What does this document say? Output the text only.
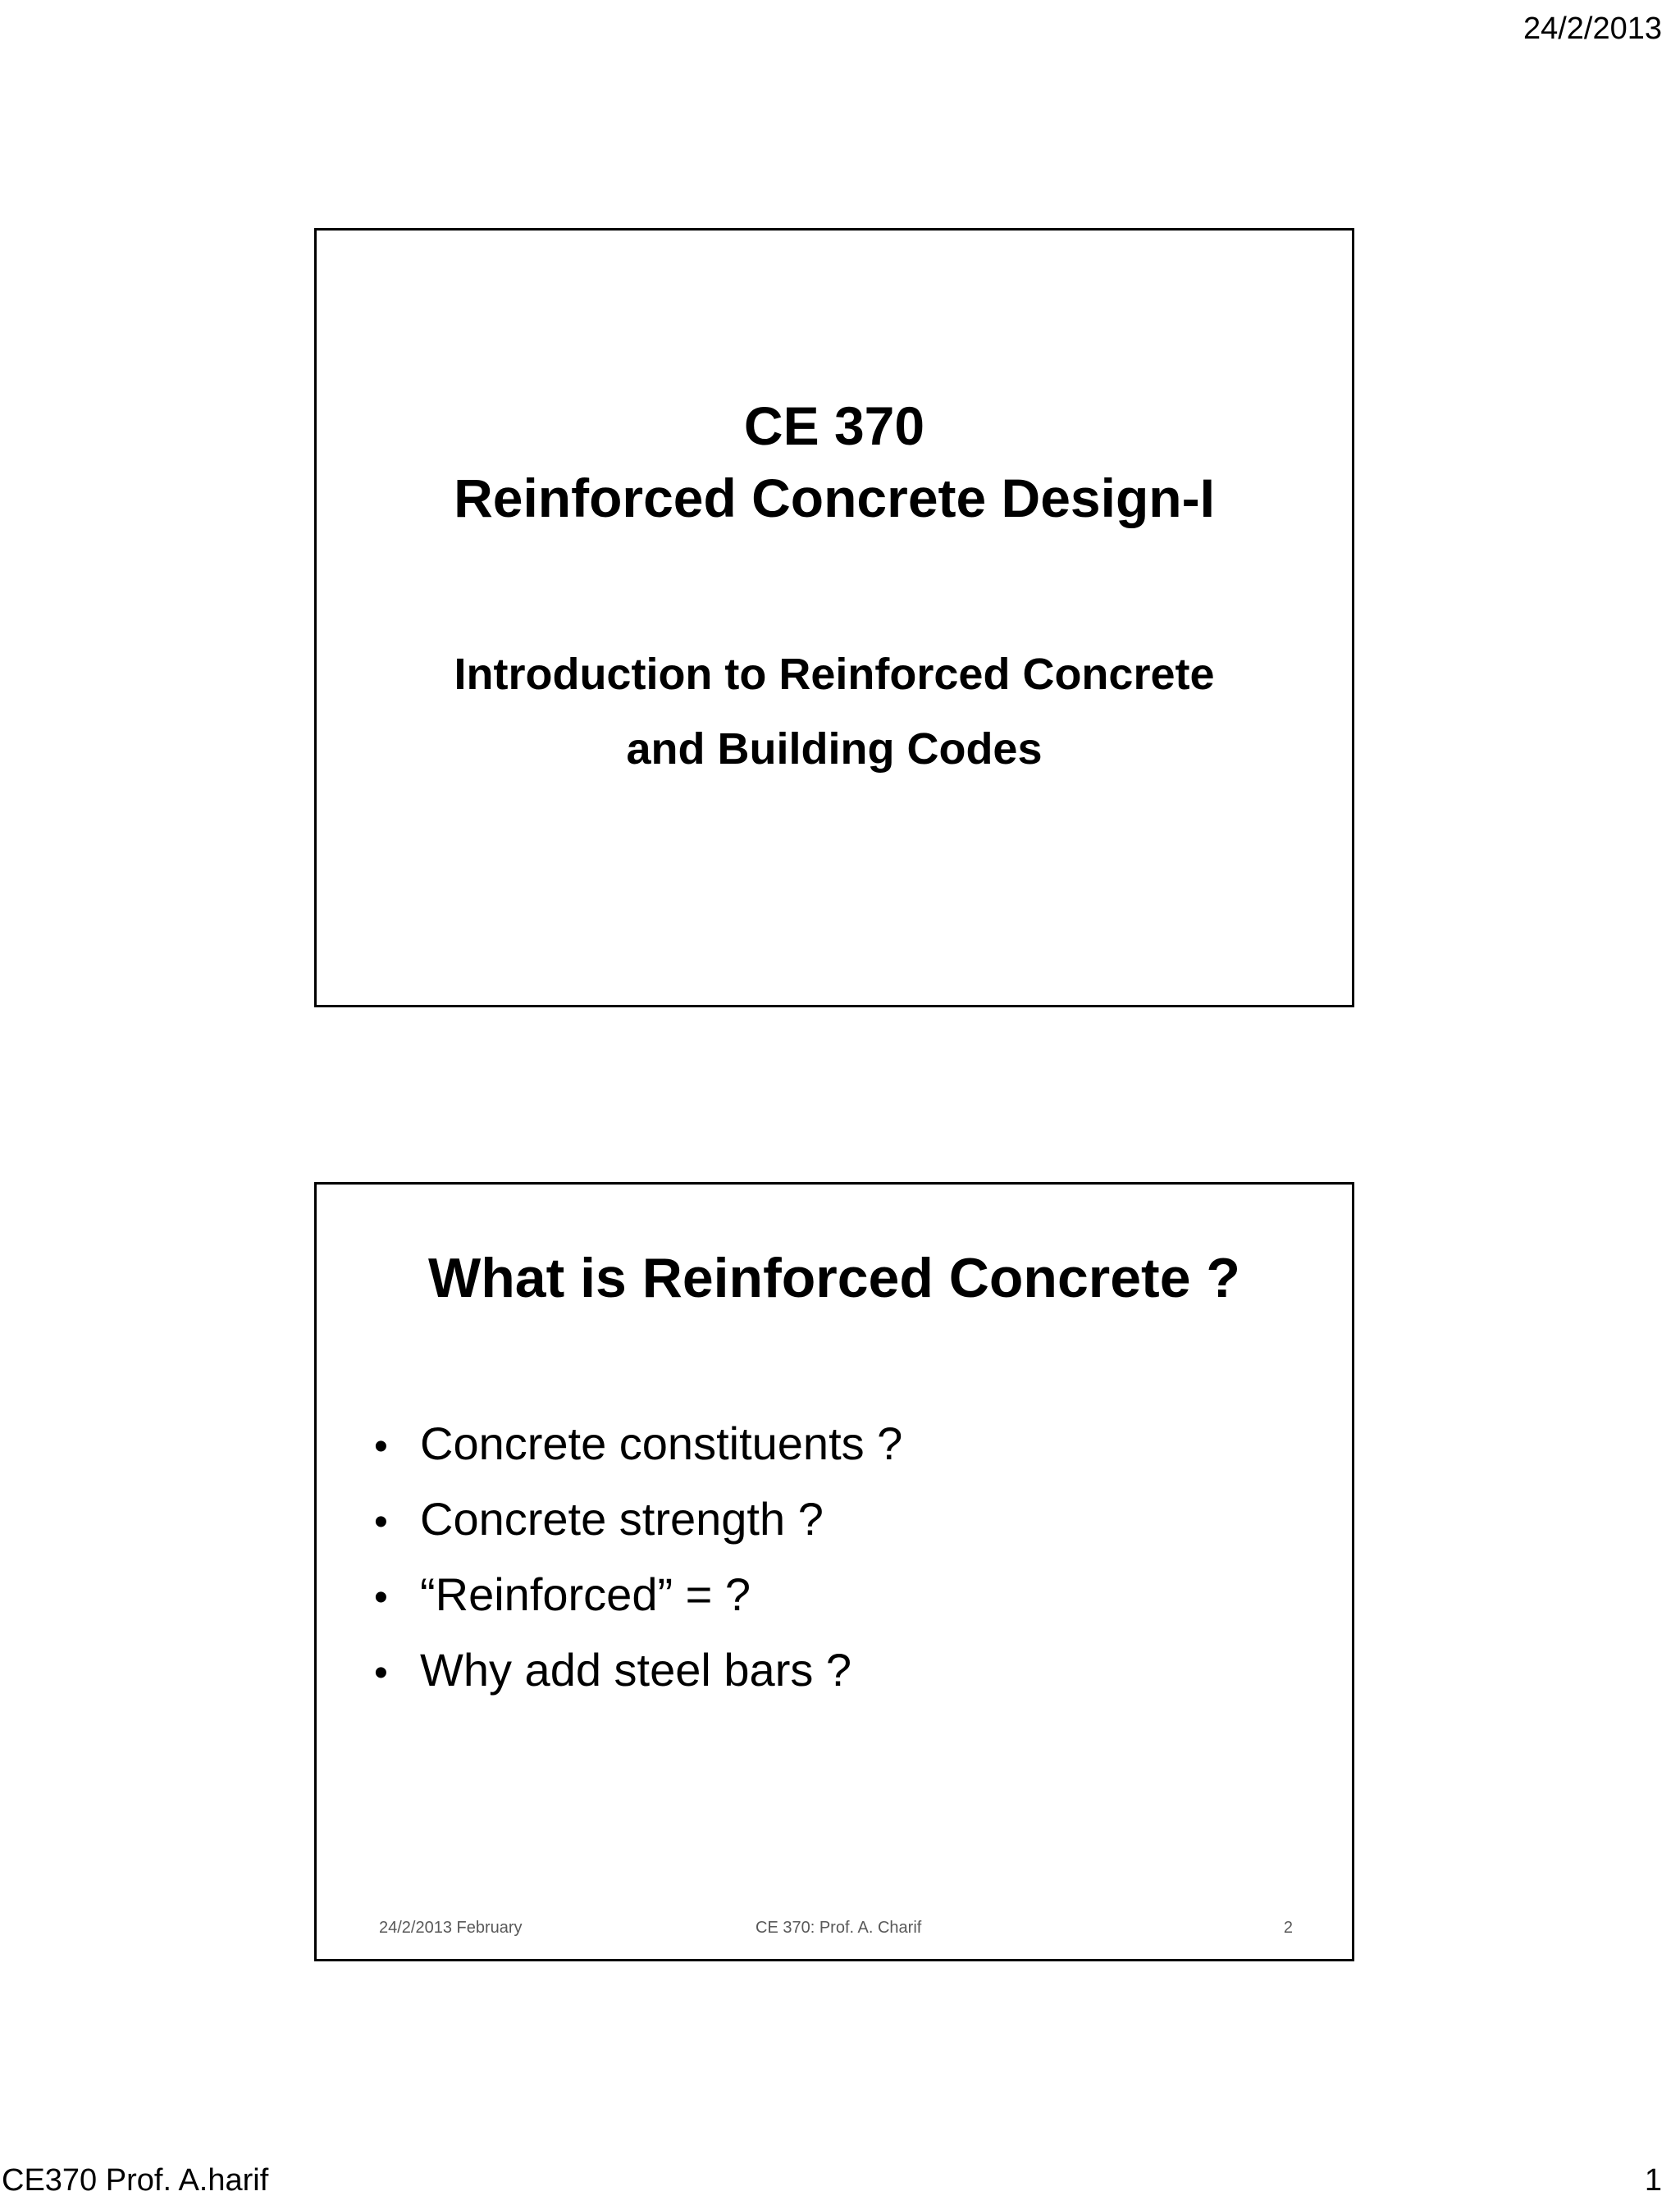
24/2/2013
CE 370
Reinforced Concrete Design-I
Introduction to Reinforced Concrete
and Building Codes
What is Reinforced Concrete ?
• Concrete constituents ?
• Concrete strength ?
• “Reinforced” = ?
• Why add steel bars ?
24/2/2013 February	CE 370: Prof. A. Charif	2
CE370 Prof. A.harif	1
